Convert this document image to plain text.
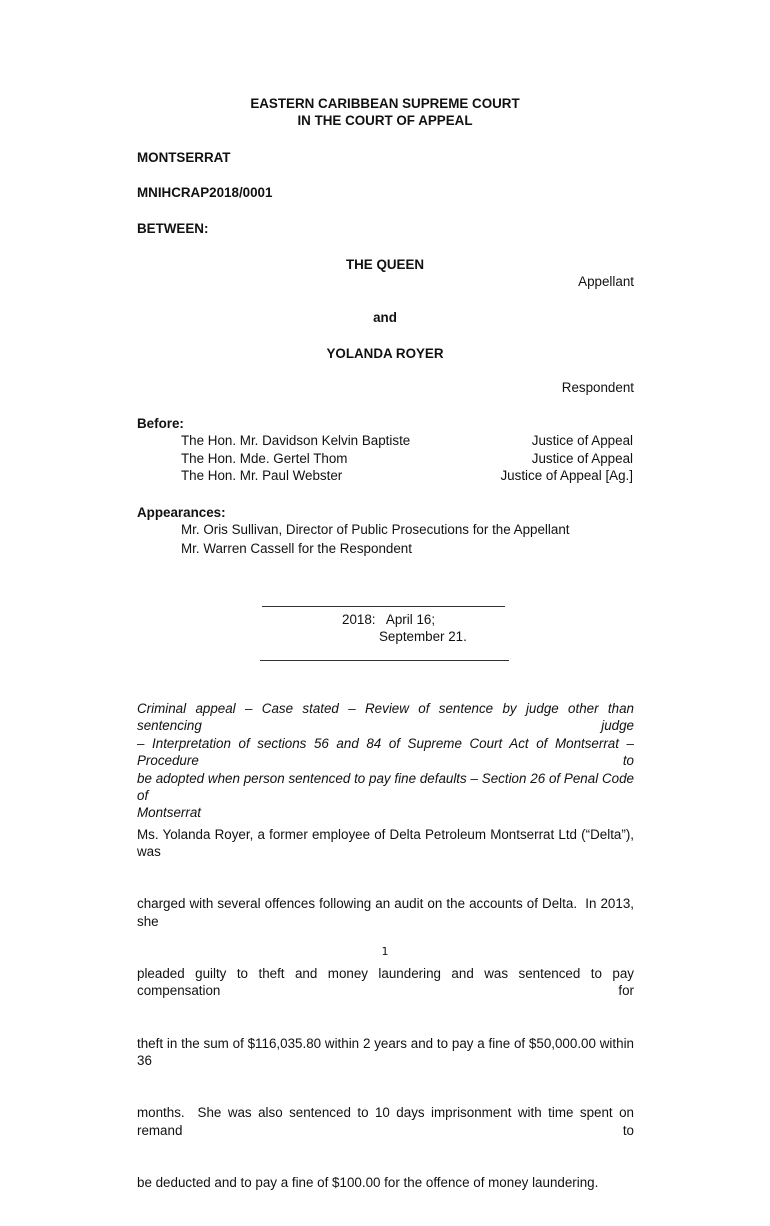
EASTERN CARIBBEAN SUPREME COURT
IN THE COURT OF APPEAL
MONTSERRAT
MNIHCRAP2018/0001
BETWEEN:
THE QUEEN
Appellant
and
YOLANDA ROYER
Respondent
Before:
The Hon. Mr. Davidson Kelvin Baptiste	Justice of Appeal
The Hon. Mde. Gertel Thom	Justice of Appeal
The Hon. Mr. Paul Webster	Justice of Appeal [Ag.]
Appearances:
Mr. Oris Sullivan, Director of Public Prosecutions for the Appellant
Mr. Warren Cassell for the Respondent
2018:   April 16;
September 21.
Criminal appeal – Case stated – Review of sentence by judge other than sentencing judge
– Interpretation of sections 56 and 84 of Supreme Court Act of Montserrat – Procedure to
be adopted when person sentenced to pay fine defaults – Section 26 of Penal Code of
Montserrat

Ms. Yolanda Royer, a former employee of Delta Petroleum Montserrat Ltd (“Delta”), was

charged with several offences following an audit on the accounts of Delta.  In 2013, she

pleaded guilty to theft and money laundering and was sentenced to pay compensation for

theft in the sum of $116,035.80 within 2 years and to pay a fine of $50,000.00 within 36

months.  She was also sentenced to 10 days imprisonment with time spent on remand to

be deducted and to pay a fine of $100.00 for the offence of money laundering.

1
